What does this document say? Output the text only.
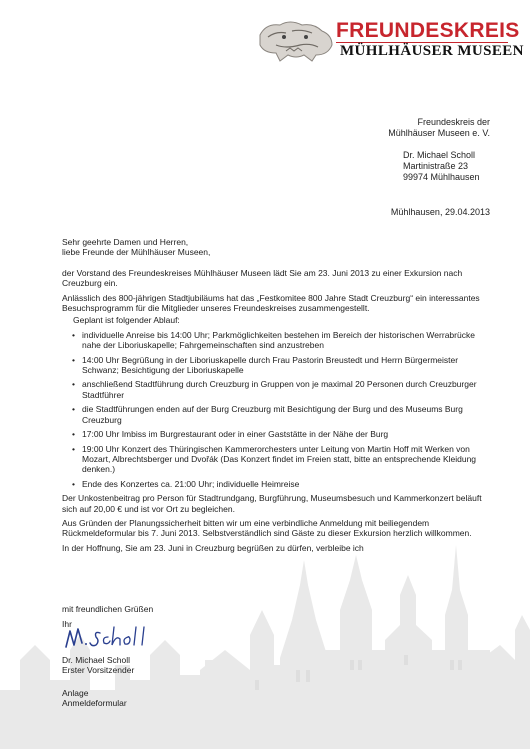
FREUNDESKREIS
MÜHLHÄUSER MUSEEN
Freundeskreis der
Mühlhäuser Museen e. V.
Dr. Michael Scholl
Martinistraße 23
99974 Mühlhausen
Mühlhausen, 29.04.2013

Sehr geehrte Damen und Herren,

liebe Freunde der Mühlhäuser Museen,

der Vorstand des Freundeskreises Mühlhäuser Museen lädt Sie am 23. Juni 2013 zu einer Exkursion nach Creuzburg ein.

Anlässlich des 800-jährigen Stadtjubiläums hat das „Festkomitee 800 Jahre Stadt Creuzburg“ ein interessantes Besuchsprogramm für die Mitglieder unseres Freundeskreises zusammengestellt.

Geplant ist folgender Ablauf:

• individuelle Anreise bis 14:00 Uhr; Parkmöglichkeiten bestehen im Bereich der historischen Werrabrücke nahe der Liboriuskapelle; Fahrgemeinschaften sind anzustreben
• 14:00 Uhr Begrüßung in der Liboriuskapelle durch Frau Pastorin Breustedt und Herrn Bürgermeister Schwanz; Besichtigung der Liboriuskapelle
• anschließend Stadtführung durch Creuzburg in Gruppen von je maximal 20 Personen durch Creuzburger Stadtführer
• die Stadtführungen enden auf der Burg Creuzburg mit Besichtigung der Burg und des Museums Burg Creuzburg
• 17:00 Uhr Imbiss im Burgrestaurant oder in einer Gaststätte in der Nähe der Burg
• 19:00 Uhr Konzert des Thüringischen Kammerorchesters unter Leitung von Martin Hoff mit Werken von Mozart, Albrechtsberger und Dvořák (Das Konzert findet im Freien statt, bitte an entsprechende Kleidung denken.)
• Ende des Konzertes ca. 21:00 Uhr; individuelle Heimreise

Der Unkostenbeitrag pro Person für Stadtrundgang, Burgführung, Museumsbesuch und Kammerkonzert beläuft sich auf 20,00 € und ist vor Ort zu begleichen.

Aus Gründen der Planungssicherheit bitten wir um eine verbindliche Anmeldung mit beiliegendem Rückmeldeformular bis 7. Juni 2013. Selbstverständlich sind Gäste zu dieser Exkursion herzlich willkommen.

In der Hoffnung, Sie am 23. Juni in Creuzburg begrüßen zu dürfen, verbleibe ich

mit freundlichen Grüßen
Ihr
Dr. Michael Scholl
Erster Vorsitzender
Anlage
Anmeldeformular
